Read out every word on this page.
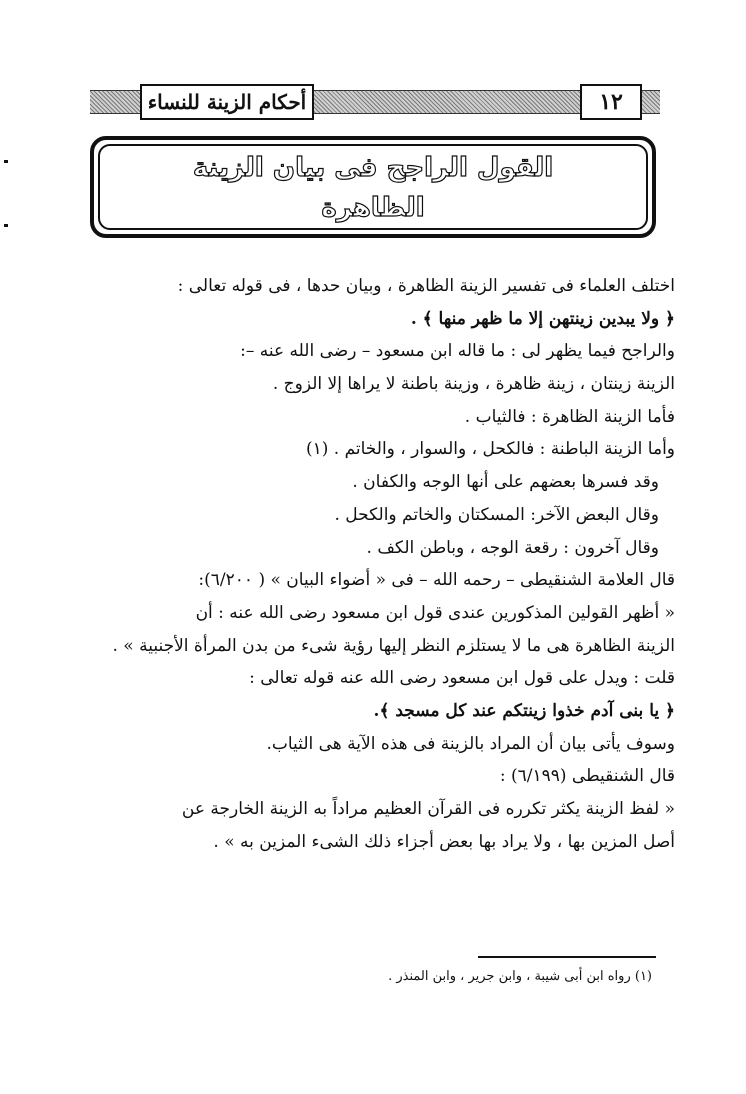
أحكام الزينة للنساء	١٢
القول الراجح فى بيان الزينة
الظاهرة
اختلف العلماء فى تفسير الزينة الظاهرة ، وبيان حدها ، فى قوله تعالى :
﴿ ولا يبدين زينتهن إلا ما ظهر منها ﴾ .
والراجح فيما يظهر لى : ما قاله ابن مسعود – رضى الله عنه –:
الزينة زينتان ، زينة ظاهرة ، وزينة باطنة لا يراها إلا الزوج .
فأما الزينة الظاهرة : فالثياب .
وأما الزينة الباطنة : فالكحل ، والسوار ، والخاتم . (١)
وقد فسرها بعضهم على أنها الوجه والكفان .
وقال البعض الآخر: المسكتان والخاتم والكحل .
وقال آخرون : رقعة الوجه ، وباطن الكف .
قال العلامة الشنقيطى – رحمه الله – فى « أضواء البيان » ( ٦/٢٠٠):
« أظهر القولين المذكورين عندى قول ابن مسعود رضى الله عنه : أن
الزينة الظاهرة هى ما لا يستلزم النظر إليها رؤية شىء من بدن المرأة الأجنبية » .
قلت : ويدل على قول ابن مسعود رضى الله عنه قوله تعالى :
﴿ يا بنى آدم خذوا زينتكم عند كل مسجد ﴾.
وسوف يأتى بيان أن المراد بالزينة فى هذه الآية هى الثياب.
قال الشنقيطى (٦/١٩٩) :
« لفظ الزينة يكثر تكرره فى القرآن العظيم مراداً به الزينة الخارجة عن
أصل المزين بها ، ولا يراد بها بعض أجزاء ذلك الشىء المزين به » .
(١) رواه ابن أبى شيبة ، وابن جرير ، وابن المنذر .
